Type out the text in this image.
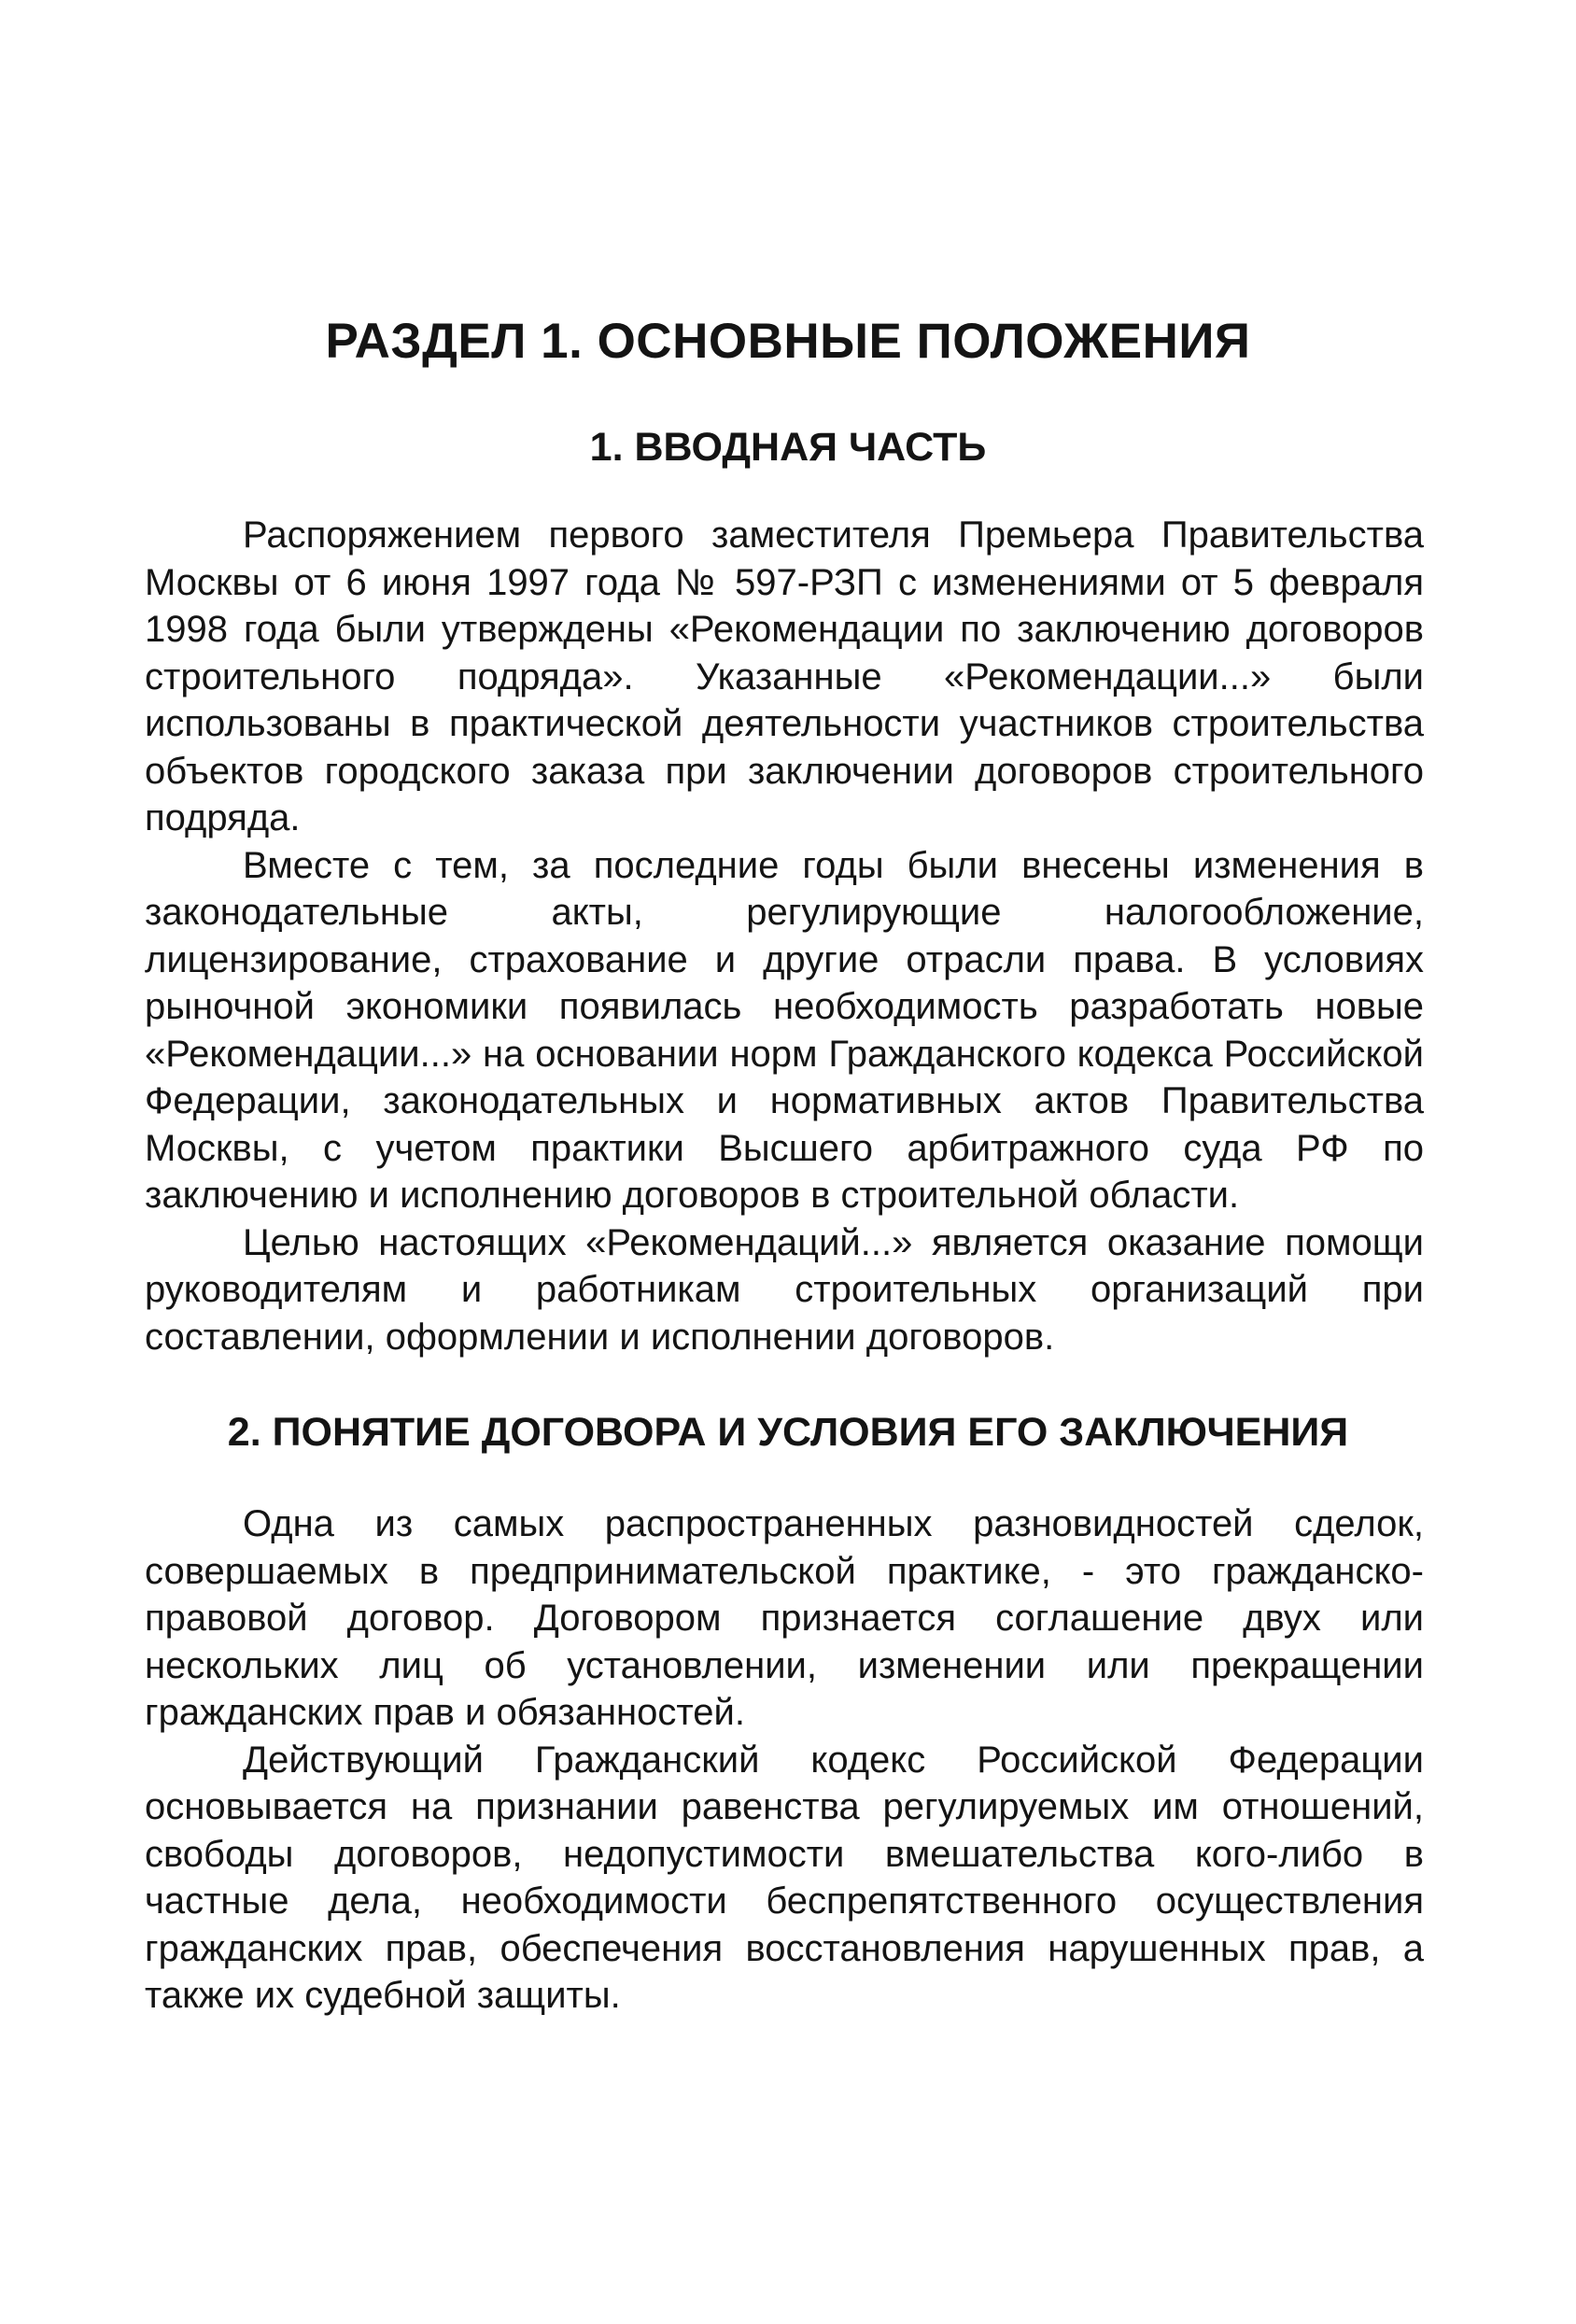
РАЗДЕЛ 1. ОСНОВНЫЕ ПОЛОЖЕНИЯ
1. ВВОДНАЯ ЧАСТЬ

Распоряжением первого заместителя Премьера Правительства Москвы от 6 июня 1997 года № 597-РЗП с изменениями от 5 февраля 1998 года были утверждены «Рекомендации по заключению договоров строительного подряда». Указанные «Рекомендации...» были использованы в практической деятельности участников строительства объектов городского заказа при заключении договоров строительного подряда.

Вместе с тем, за последние годы были внесены изменения в законодательные акты, регулирующие налогообложение, лицензирование, страхование и другие отрасли права. В условиях рыночной экономики появилась необходимость разработать новые «Рекомендации...» на основании норм Гражданского кодекса Российской Федерации, законодательных и нормативных актов Правительства Москвы, с учетом практики Высшего арбитражного суда РФ по заключению и исполнению договоров в строительной области.

Целью настоящих «Рекомендаций...» является оказание помощи руководителям и работникам строительных организаций при составлении, оформлении и исполнении договоров.

2. ПОНЯТИЕ ДОГОВОРА И УСЛОВИЯ ЕГО ЗАКЛЮЧЕНИЯ

Одна из самых распространенных разновидностей сделок, совершаемых в предпринимательской практике, - это гражданско-правовой договор. Договором признается соглашение двух или нескольких лиц об установлении, изменении или прекращении гражданских прав и обязанностей.

Действующий Гражданский кодекс Российской Федерации основывается на признании равенства регулируемых им отношений, свободы договоров, недопустимости вмешательства кого-либо в частные дела, необходимости беспрепятственного осуществления гражданских прав, обеспечения восстановления нарушенных прав, а также их судебной защиты.
